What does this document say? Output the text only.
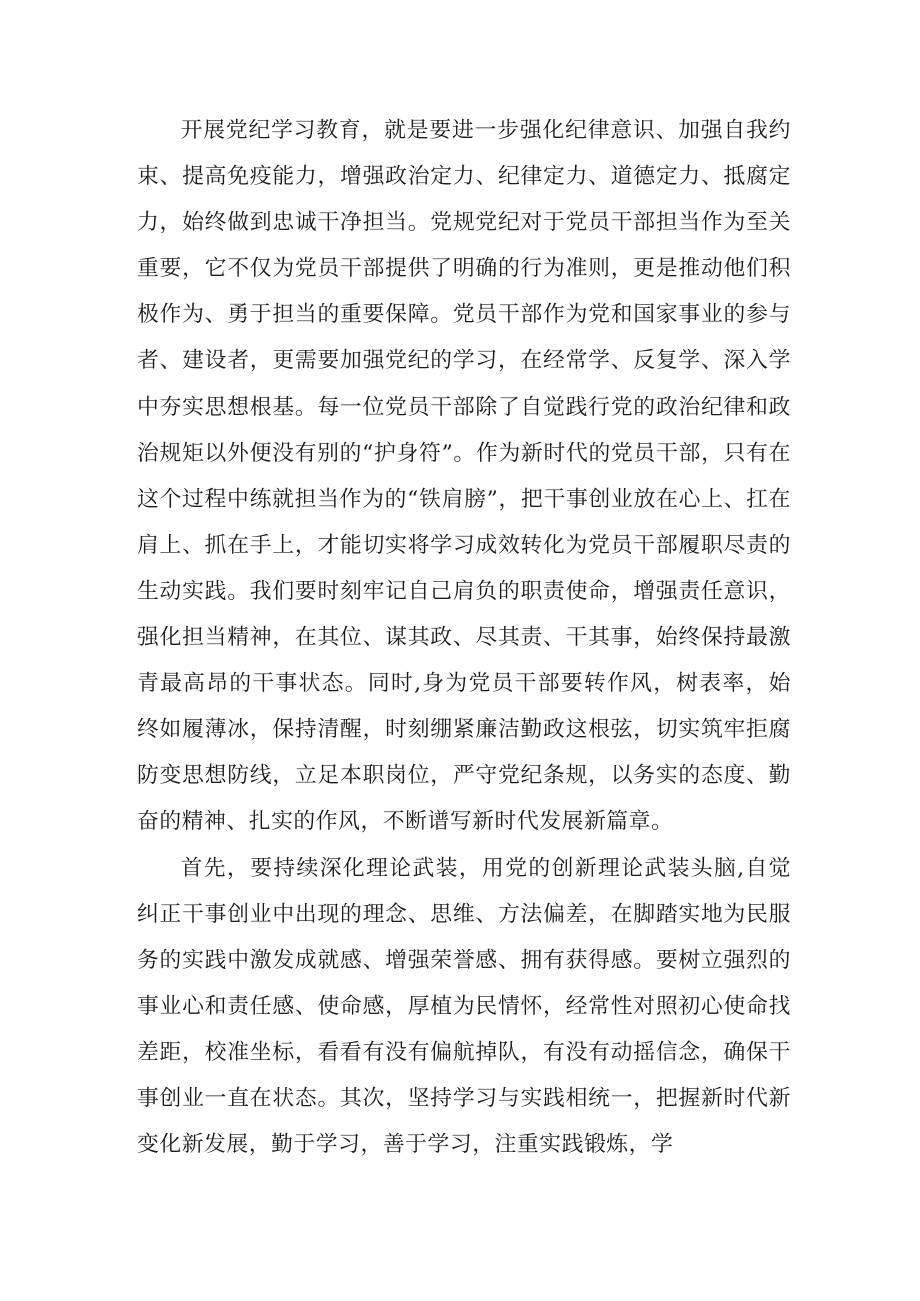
开展党纪学习教育，就是要进一步强化纪律意识、加强自我约束、提高免疫能力，增强政治定力、纪律定力、道德定力、抵腐定力，始终做到忠诚干净担当。党规党纪对于党员干部担当作为至关重要，它不仅为党员干部提供了明确的行为准则，更是推动他们积极作为、勇于担当的重要保障。党员干部作为党和国家事业的参与者、建设者，更需要加强党纪的学习，在经常学、反复学、深入学中夯实思想根基。每一位党员干部除了自觉践行党的政治纪律和政治规矩以外便没有别的“护身符”。作为新时代的党员干部，只有在这个过程中练就担当作为的“铁肩膀”，把干事创业放在心上、扛在肩上、抓在手上，才能切实将学习成效转化为党员干部履职尽责的生动实践。我们要时刻牢记自己肩负的职责使命，增强责任意识，强化担当精神，在其位、谋其政、尽其责、干其事，始终保持最激青最高昂的干事状态。同时,身为党员干部要转作风，树表率，始终如履薄冰，保持清醒，时刻绷紧廉洁勤政这根弦，切实筑牢拒腐防变思想防线，立足本职岗位，严守党纪条规，以务实的态度、勤奋的精神、扎实的作风，不断谱写新时代发展新篇章。

首先，要持续深化理论武装，用党的创新理论武装头脑,自觉纠正干事创业中出现的理念、思维、方法偏差，在脚踏实地为民服务的实践中激发成就感、增强荣誉感、拥有获得感。要树立强烈的事业心和责任感、使命感，厚植为民情怀，经常性对照初心使命找差距，校准坐标，看看有没有偏航掉队，有没有动摇信念，确保干事创业一直在状态。其次，坚持学习与实践相统一，把握新时代新变化新发展，勤于学习，善于学习，注重实践锻炼，学
